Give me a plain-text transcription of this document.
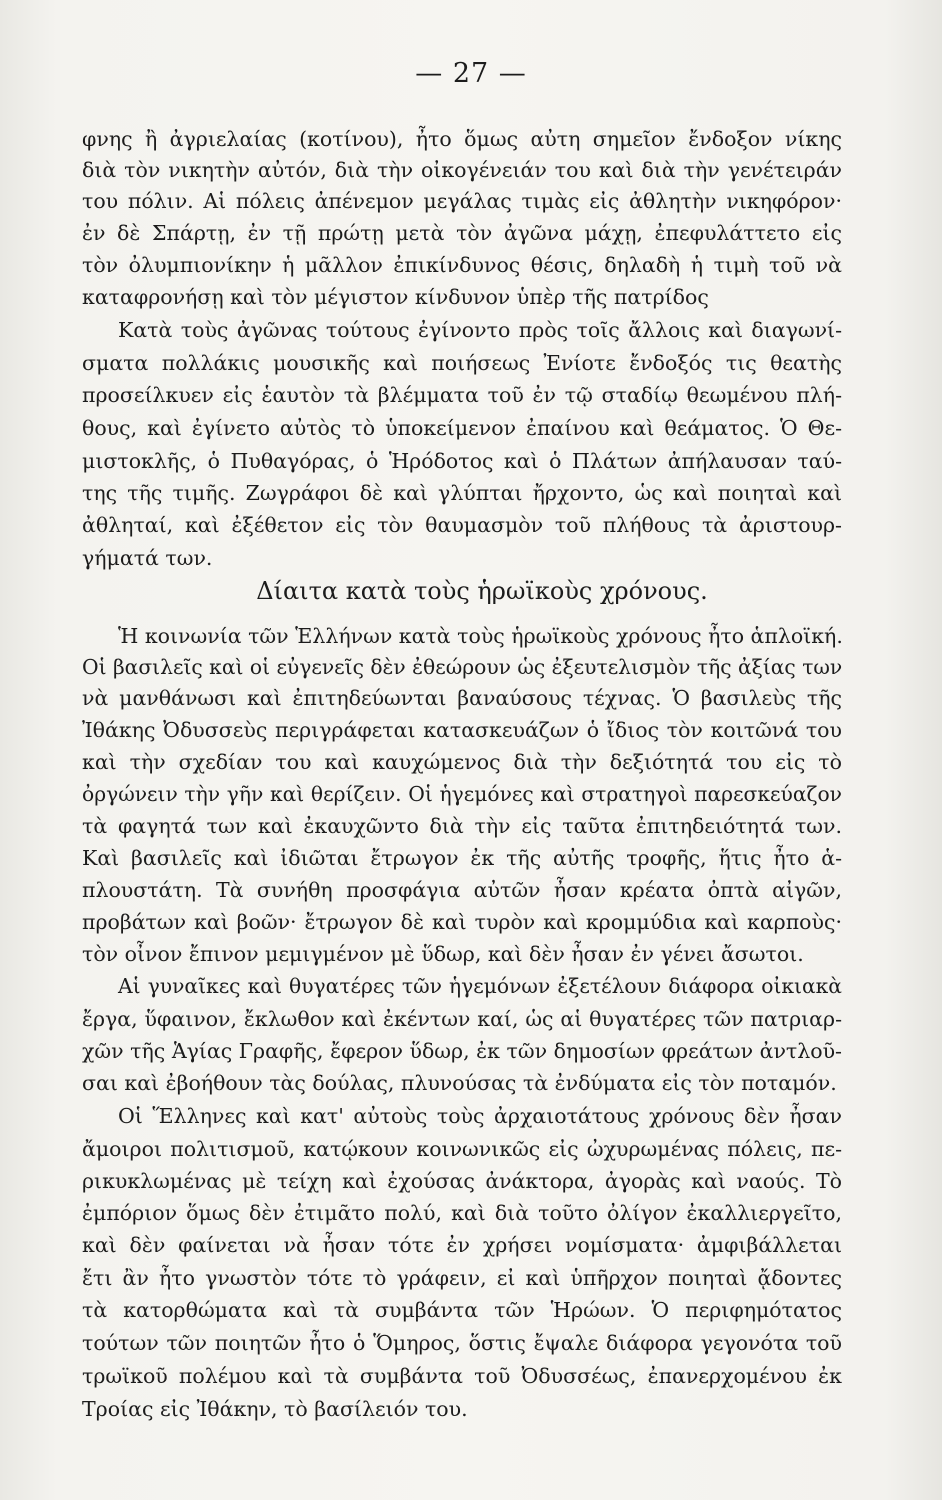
— 27 —
φνης ἢ ἀγριελαίας (κοτίνου), ἦτο ὅμως αὐτη σημεῖον ἔνδοξον νίκης
διὰ τὸν νικητὴν αὐτόν, διὰ τὴν οἰκογένειάν του καὶ διὰ τὴν γενέτειράν
του πόλιν. Αἱ πόλεις ἀπένεμον μεγάλας τιμὰς εἰς ἀθλητὴν νικηφόρον·
ἐν δὲ Σπάρτῃ, ἐν τῇ πρώτῃ μετὰ τὸν ἀγῶνα μάχῃ, ἐπεφυλάττετο εἰς
τὸν ὀλυμπιονίκην ἡ μᾶλλον ἐπικίνδυνος θέσις, δηλαδὴ ἡ τιμὴ τοῦ νὰ
καταφρονήσῃ καὶ τὸν μέγιστον κίνδυνον ὑπὲρ τῆς πατρίδος
Κατὰ τοὺς ἀγῶνας τούτους ἐγίνοντο πρὸς τοῖς ἄλλοις καὶ διαγωνί-
σματα πολλάκις μουσικῆς καὶ ποιήσεως Ἐνίοτε ἔνδοξός τις θεατὴς
προσείλκυεν εἰς ἑαυτὸν τὰ βλέμματα τοῦ ἐν τῷ σταδίῳ θεωμένου πλή-
θους, καὶ ἐγίνετο αὐτὸς τὸ ὑποκείμενον ἐπαίνου καὶ θεάματος. Ὁ Θε-
μιστοκλῆς, ὁ Πυθαγόρας, ὁ Ἡρόδοτος καὶ ὁ Πλάτων ἀπήλαυσαν ταύ-
της τῆς τιμῆς. Ζωγράφοι δὲ καὶ γλύπται ἤρχοντο, ὡς καὶ ποιηταὶ καὶ
ἀθληταί, καὶ ἐξέθετον εἰς τὸν θαυμασμὸν τοῦ πλήθους τὰ ἀριστουρ-
γήματά των.
Δίαιτα κατὰ τοὺς ἡρωϊκοὺς χρόνους.
Ἡ κοινωνία τῶν Ἑλλήνων κατὰ τοὺς ἡρωϊκοὺς χρόνους ἦτο ἁπλοϊκή.
Οἱ βασιλεῖς καὶ οἱ εὐγενεῖς δὲν ἐθεώρουν ὡς ἐξευτελισμὸν τῆς ἀξίας των
νὰ μανθάνωσι καὶ ἐπιτηδεύωνται βαναύσους τέχνας. Ὁ βασιλεὺς τῆς
Ἰθάκης Ὀδυσσεὺς περιγράφεται κατασκευάζων ὁ ἴδιος τὸν κοιτῶνά του
καὶ τὴν σχεδίαν του καὶ καυχώμενος διὰ τὴν δεξιότητά του εἰς τὸ
ὀργώνειν τὴν γῆν καὶ θερίζειν. Οἱ ἡγεμόνες καὶ στρατηγοὶ παρεσκεύαζον
τὰ φαγητά των καὶ ἐκαυχῶντο διὰ τὴν εἰς ταῦτα ἐπιτηδειότητά των.
Καὶ βασιλεῖς καὶ ἰδιῶται ἔτρωγον ἐκ τῆς αὐτῆς τροφῆς, ἥτις ἦτο ἁ-
πλουστάτη. Τὰ συνήθη προσφάγια αὐτῶν ἦσαν κρέατα ὀπτὰ αἰγῶν,
προβάτων καὶ βοῶν· ἔτρωγον δὲ καὶ τυρὸν καὶ κρομμύδια καὶ καρποὺς·
τὸν οἶνον ἔπινον μεμιγμένον μὲ ὕδωρ, καὶ δὲν ἦσαν ἐν γένει ἄσωτοι.
Αἱ γυναῖκες καὶ θυγατέρες τῶν ἡγεμόνων ἐξετέλουν διάφορα οἰκιακὰ
ἔργα, ὕφαινον, ἔκλωθον καὶ ἐκέντων καί, ὡς αἱ θυγατέρες τῶν πατριαρ-
χῶν τῆς Ἁγίας Γραφῆς, ἔφερον ὕδωρ, ἐκ τῶν δημοσίων φρεάτων ἀντλοῦ-
σαι καὶ ἐβοήθουν τὰς δούλας, πλυνούσας τὰ ἐνδύματα εἰς τὸν ποταμόν.
Οἱ Ἕλληνες καὶ κατ' αὐτοὺς τοὺς ἀρχαιοτάτους χρόνους δὲν ἦσαν
ἄμοιροι πολιτισμοῦ, κατῴκουν κοινωνικῶς εἰς ὠχυρωμένας πόλεις, πε-
ρικυκλωμένας μὲ τείχη καὶ ἐχούσας ἀνάκτορα, ἀγορὰς καὶ ναούς. Τὸ
ἐμπόριον ὅμως δὲν ἐτιμᾶτο πολύ, καὶ διὰ τοῦτο ὀλίγον ἐκαλλιεργεῖτο,
καὶ δὲν φαίνεται νὰ ἦσαν τότε ἐν χρήσει νομίσματα· ἀμφιβάλλεται
ἔτι ἂν ἦτο γνωστὸν τότε τὸ γράφειν, εἰ καὶ ὑπῆρχον ποιηταὶ ᾄδοντες
τὰ κατορθώματα καὶ τὰ συμβάντα τῶν Ἡρώων. Ὁ περιφημότατος
τούτων τῶν ποιητῶν ἦτο ὁ Ὅμηρος, ὅστις ἔψαλε διάφορα γεγονότα τοῦ
τρωϊκοῦ πολέμου καὶ τὰ συμβάντα τοῦ Ὀδυσσέως, ἐπανερχομένου ἐκ
Τροίας εἰς Ἰθάκην, τὸ βασίλειόν του.
